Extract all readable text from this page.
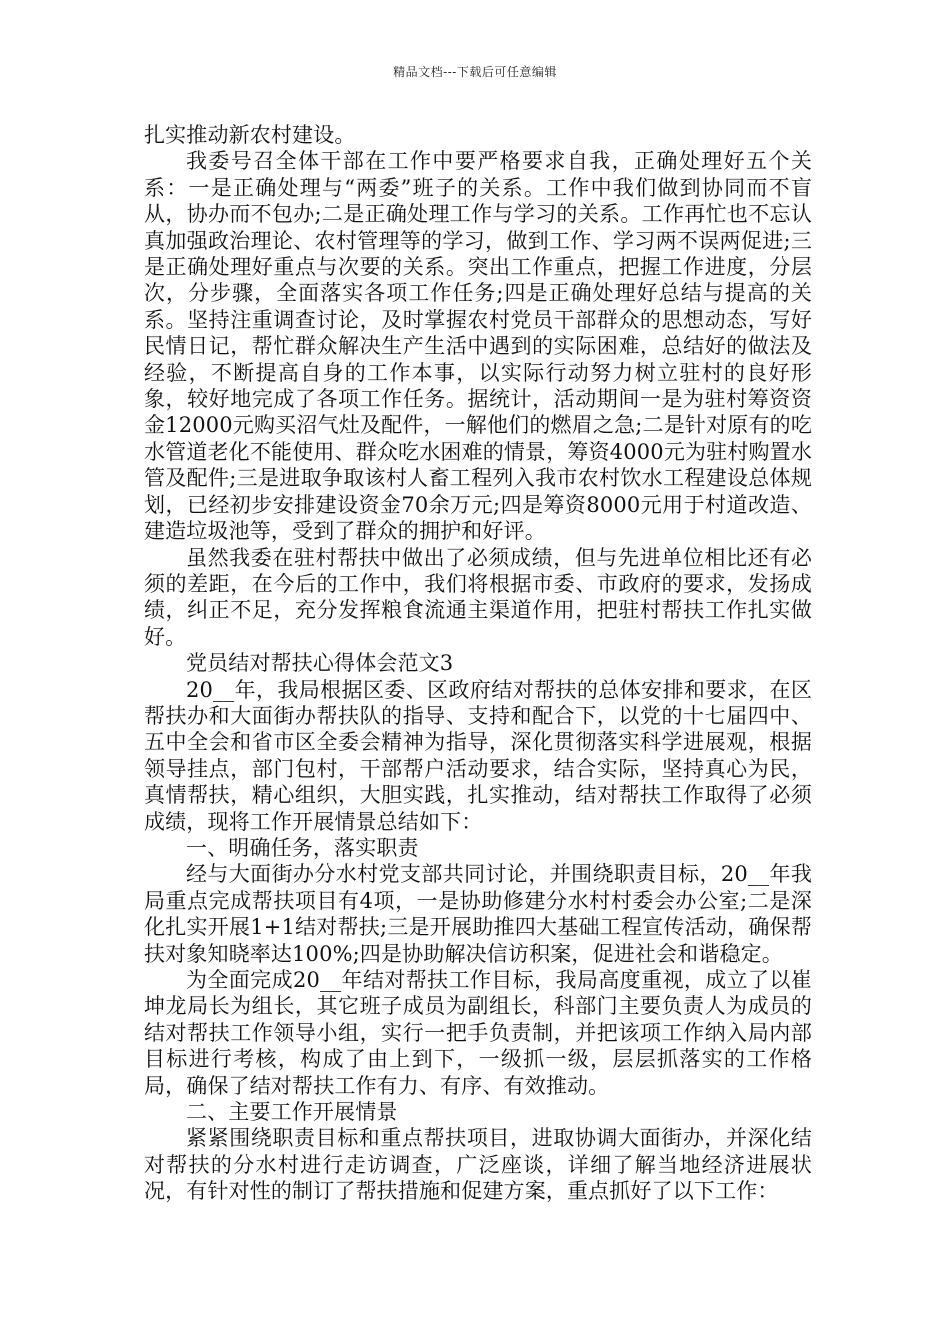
精品文档---下载后可任意编辑

扎实推动新农村建设。

我委号召全体干部在工作中要严格要求自我，正确处理好五个关系：一是正确处理与“两委”班子的关系。工作中我们做到协同而不盲从，协办而不包办;二是正确处理工作与学习的关系。工作再忙也不忘认真加强政治理论、农村管理等的学习，做到工作、学习两不误两促进;三是正确处理好重点与次要的关系。突出工作重点，把握工作进度，分层次，分步骤，全面落实各项工作任务;四是正确处理好总结与提高的关系。坚持注重调查讨论，及时掌握农村党员干部群众的思想动态，写好民情日记，帮忙群众解决生产生活中遇到的实际困难，总结好的做法及经验，不断提高自身的工作本事，以实际行动努力树立驻村的良好形象，较好地完成了各项工作任务。据统计，活动期间一是为驻村筹资资金12000元购买沼气灶及配件，一解他们的燃眉之急;二是针对原有的吃水管道老化不能使用、群众吃水困难的情景，筹资4000元为驻村购置水管及配件;三是进取争取该村人畜工程列入我市农村饮水工程建设总体规划，已经初步安排建设资金70余万元;四是筹资8000元用于村道改造、建造垃圾池等，受到了群众的拥护和好评。

虽然我委在驻村帮扶中做出了必须成绩，但与先进单位相比还有必须的差距，在今后的工作中，我们将根据市委、市政府的要求，发扬成绩，纠正不足，充分发挥粮食流通主渠道作用，把驻村帮扶工作扎实做好。

党员结对帮扶心得体会范文3

20__年，我局根据区委、区政府结对帮扶的总体安排和要求，在区帮扶办和大面街办帮扶队的指导、支持和配合下，以党的十七届四中、五中全会和省市区全委会精神为指导，深化贯彻落实科学进展观，根据领导挂点，部门包村，干部帮户活动要求，结合实际，坚持真心为民，真情帮扶，精心组织，大胆实践，扎实推动，结对帮扶工作取得了必须成绩，现将工作开展情景总结如下：

一、明确任务，落实职责

经与大面街办分水村党支部共同讨论，并围绕职责目标，20__年我局重点完成帮扶项目有4项，一是协助修建分水村村委会办公室;二是深化扎实开展1+1结对帮扶;三是开展助推四大基础工程宣传活动，确保帮扶对象知晓率达100%;四是协助解决信访积案，促进社会和谐稳定。

为全面完成20__年结对帮扶工作目标，我局高度重视，成立了以崔坤龙局长为组长，其它班子成员为副组长，科部门主要负责人为成员的结对帮扶工作领导小组，实行一把手负责制，并把该项工作纳入局内部目标进行考核，构成了由上到下，一级抓一级，层层抓落实的工作格局，确保了结对帮扶工作有力、有序、有效推动。

二、主要工作开展情景

紧紧围绕职责目标和重点帮扶项目，进取协调大面街办，并深化结对帮扶的分水村进行走访调查，广泛座谈，详细了解当地经济进展状况，有针对性的制订了帮扶措施和促建方案，重点抓好了以下工作：
